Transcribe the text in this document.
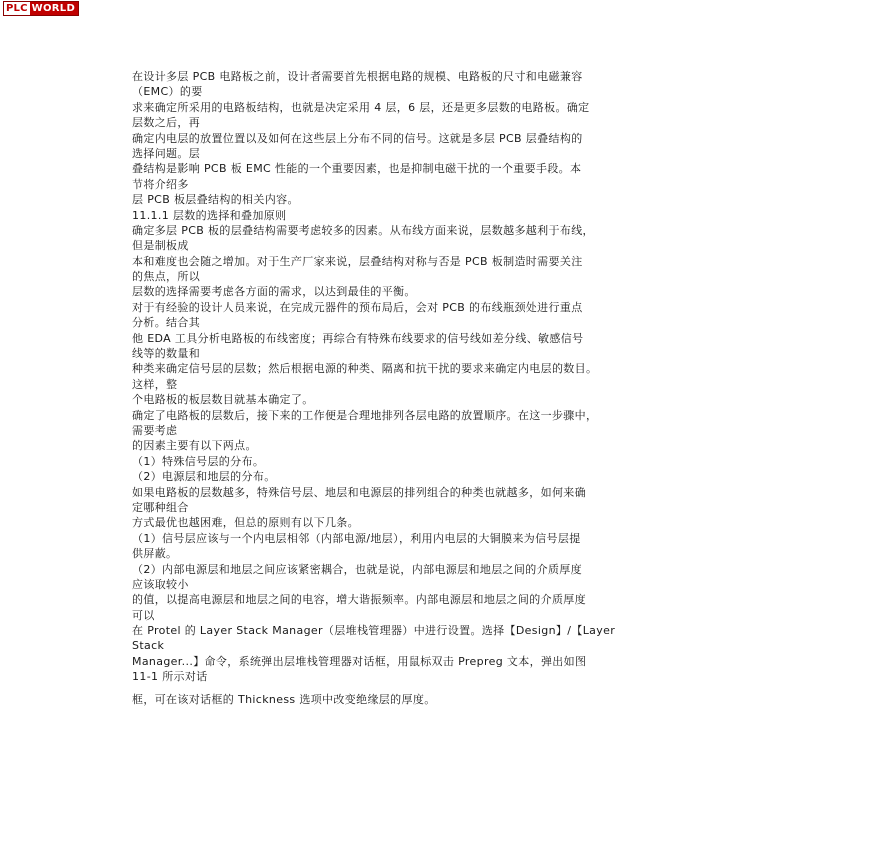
PLC WORLD
在设计多层 PCB 电路板之前，设计者需要首先根据电路的规模、电路板的尺寸和电磁兼容
（EMC）的要
求来确定所采用的电路板结构，也就是决定采用 4 层，6 层，还是更多层数的电路板。确定
层数之后，再
确定内电层的放置位置以及如何在这些层上分布不同的信号。这就是多层 PCB 层叠结构的
选择问题。层
叠结构是影响 PCB 板 EMC 性能的一个重要因素，也是抑制电磁干扰的一个重要手段。本
节将介绍多
层 PCB 板层叠结构的相关内容。
11.1.1 层数的选择和叠加原则
确定多层 PCB 板的层叠结构需要考虑较多的因素。从布线方面来说，层数越多越利于布线，
但是制板成
本和难度也会随之增加。对于生产厂家来说，层叠结构对称与否是 PCB 板制造时需要关注
的焦点，所以
层数的选择需要考虑各方面的需求，以达到最佳的平衡。
对于有经验的设计人员来说，在完成元器件的预布局后，会对 PCB 的布线瓶颈处进行重点
分析。结合其
他 EDA 工具分析电路板的布线密度；再综合有特殊布线要求的信号线如差分线、敏感信号
线等的数量和
种类来确定信号层的层数；然后根据电源的种类、隔离和抗干扰的要求来确定内电层的数目。
这样，整
个电路板的板层数目就基本确定了。
确定了电路板的层数后，接下来的工作便是合理地排列各层电路的放置顺序。在这一步骤中，
需要考虑
的因素主要有以下两点。
（1）特殊信号层的分布。
（2）电源层和地层的分布。
如果电路板的层数越多，特殊信号层、地层和电源层的排列组合的种类也就越多，如何来确
定哪种组合
方式最优也越困难，但总的原则有以下几条。
（1）信号层应该与一个内电层相邻（内部电源/地层），利用内电层的大铜膜来为信号层提
供屏蔽。
（2）内部电源层和地层之间应该紧密耦合，也就是说，内部电源层和地层之间的介质厚度
应该取较小
的值，以提高电源层和地层之间的电容，增大谐振频率。内部电源层和地层之间的介质厚度
可以
在 Protel 的 Layer Stack Manager（层堆栈管理器）中进行设置。选择【Design】/【Layer
Stack
Manager...】命令，系统弹出层堆栈管理器对话框，用鼠标双击 Prepreg 文本，弹出如图
11-1 所示对话
框，可在该对话框的 Thickness 选项中改变绝缘层的厚度。
